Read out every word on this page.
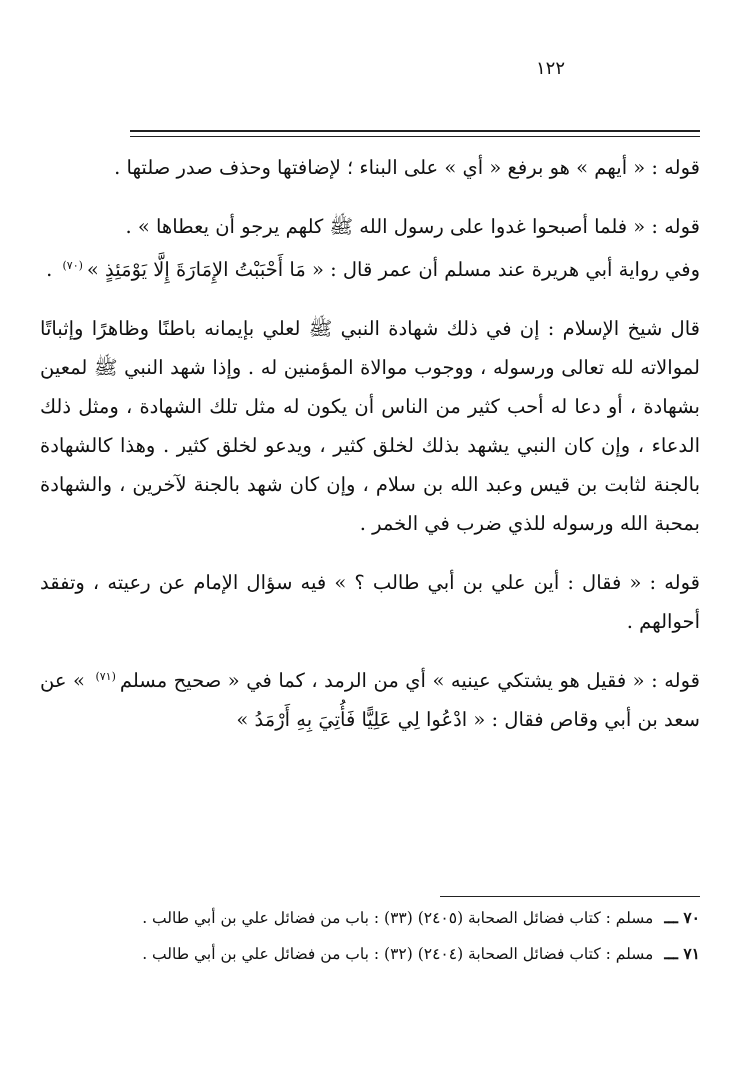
١٢٢

قوله : « أيهم » هو برفع « أي » على البناء ؛ لإضافتها وحذف صدر صلتها .

قوله : « فلما أصبحوا غدوا على رسول الله ﷺ كلهم يرجو أن يعطاها » .

وفي رواية أبي هريرة عند مسلم أن عمر قال : « مَا أَحْبَبْتُ الإِمَارَةَ إِلَّا يَوْمَئِذٍ »$^{(٧٠)}$ .

قال شيخ الإسلام : إن في ذلك شهادة النبي ﷺ لعلي بإيمانه باطنًا وظاهرًا وإثباتًا لموالاته لله تعالى ورسوله ، ووجوب موالاة المؤمنين له . وإذا شهد النبي ﷺ لمعين بشهادة ، أو دعا له أحب كثير من الناس أن يكون له مثل تلك الشهادة ، ومثل ذلك الدعاء ، وإن كان النبي يشهد بذلك لخلق كثير ، ويدعو لخلق كثير . وهذا كالشهادة بالجنة لثابت بن قيس وعبد الله بن سلام ، وإن كان شهد بالجنة لآخرين ، والشهادة بمحبة الله ورسوله للذي ضرب في الخمر .

قوله : « فقال : أين علي بن أبي طالب ؟ » فيه سؤال الإمام عن رعيته ، وتفقد أحوالهم .

قوله : « فقيل هو يشتكي عينيه » أي من الرمد ، كما في « صحيح مسلم$^{(٧١)}$ » عن سعد بن أبي وقاص فقال : « ادْعُوا لِي عَلِيًّا فَأُتِيَ بِهِ أَرْمَدُ »

٧٠ ـــ مسلم : كتاب فضائل الصحابة (٢٤٠٥) (٣٣) : باب من فضائل علي بن أبي طالب .

٧١ ـــ مسلم : كتاب فضائل الصحابة (٢٤٠٤) (٣٢) : باب من فضائل علي بن أبي طالب .
